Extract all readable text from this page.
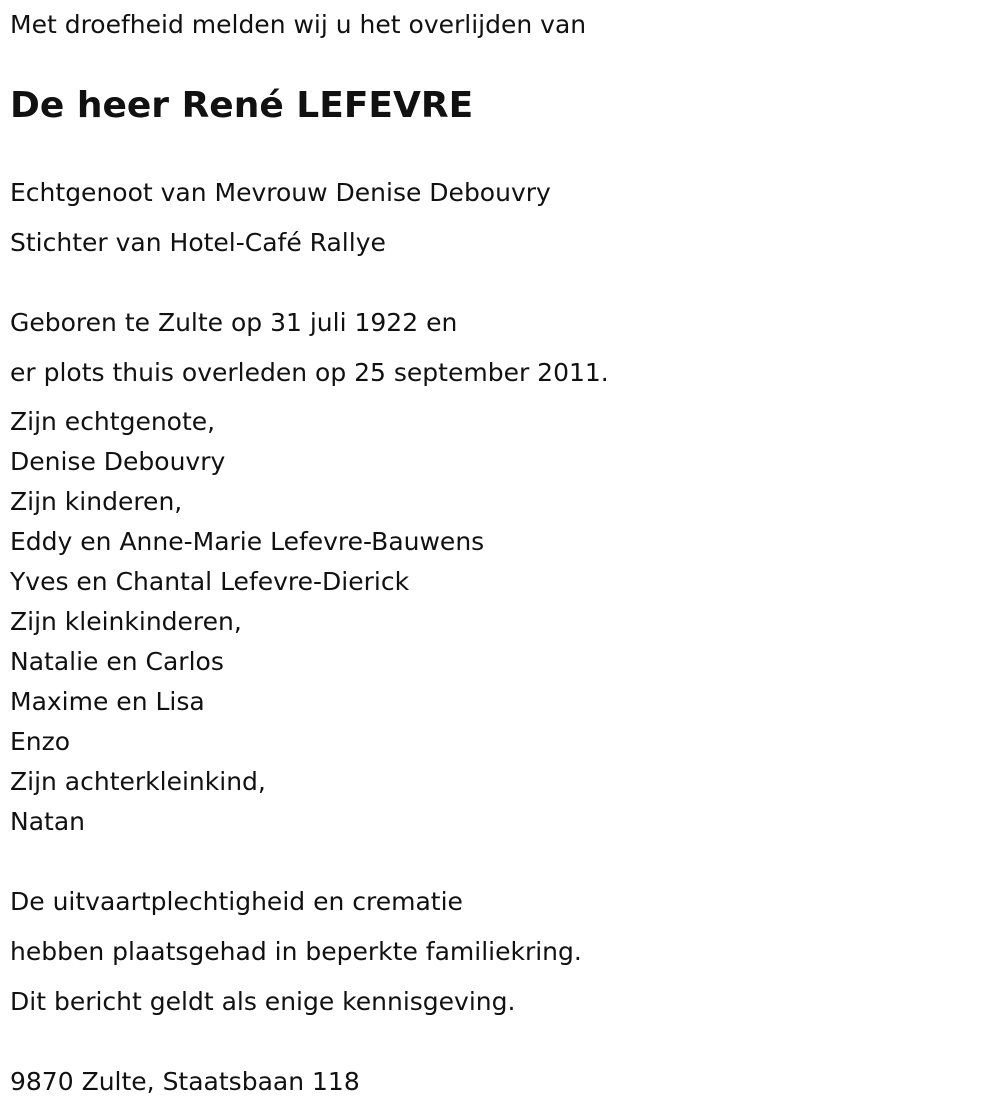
Met droefheid melden wij u het overlijden van

De heer René LEFEVRE

Echtgenoot van Mevrouw Denise Debouvry

Stichter van Hotel-Café Rallye

Geboren te Zulte op 31 juli 1922 en

er plots thuis overleden op 25 september 2011.

Zijn echtgenote,

Denise Debouvry

Zijn kinderen,

Eddy en Anne-Marie Lefevre-Bauwens

Yves en Chantal Lefevre-Dierick

Zijn kleinkinderen,

Natalie en Carlos

Maxime en Lisa

Enzo

Zijn achterkleinkind,

Natan

De uitvaartplechtigheid en crematie

hebben plaatsgehad in beperkte familiekring.

Dit bericht geldt als enige kennisgeving.

9870 Zulte, Staatsbaan 118
